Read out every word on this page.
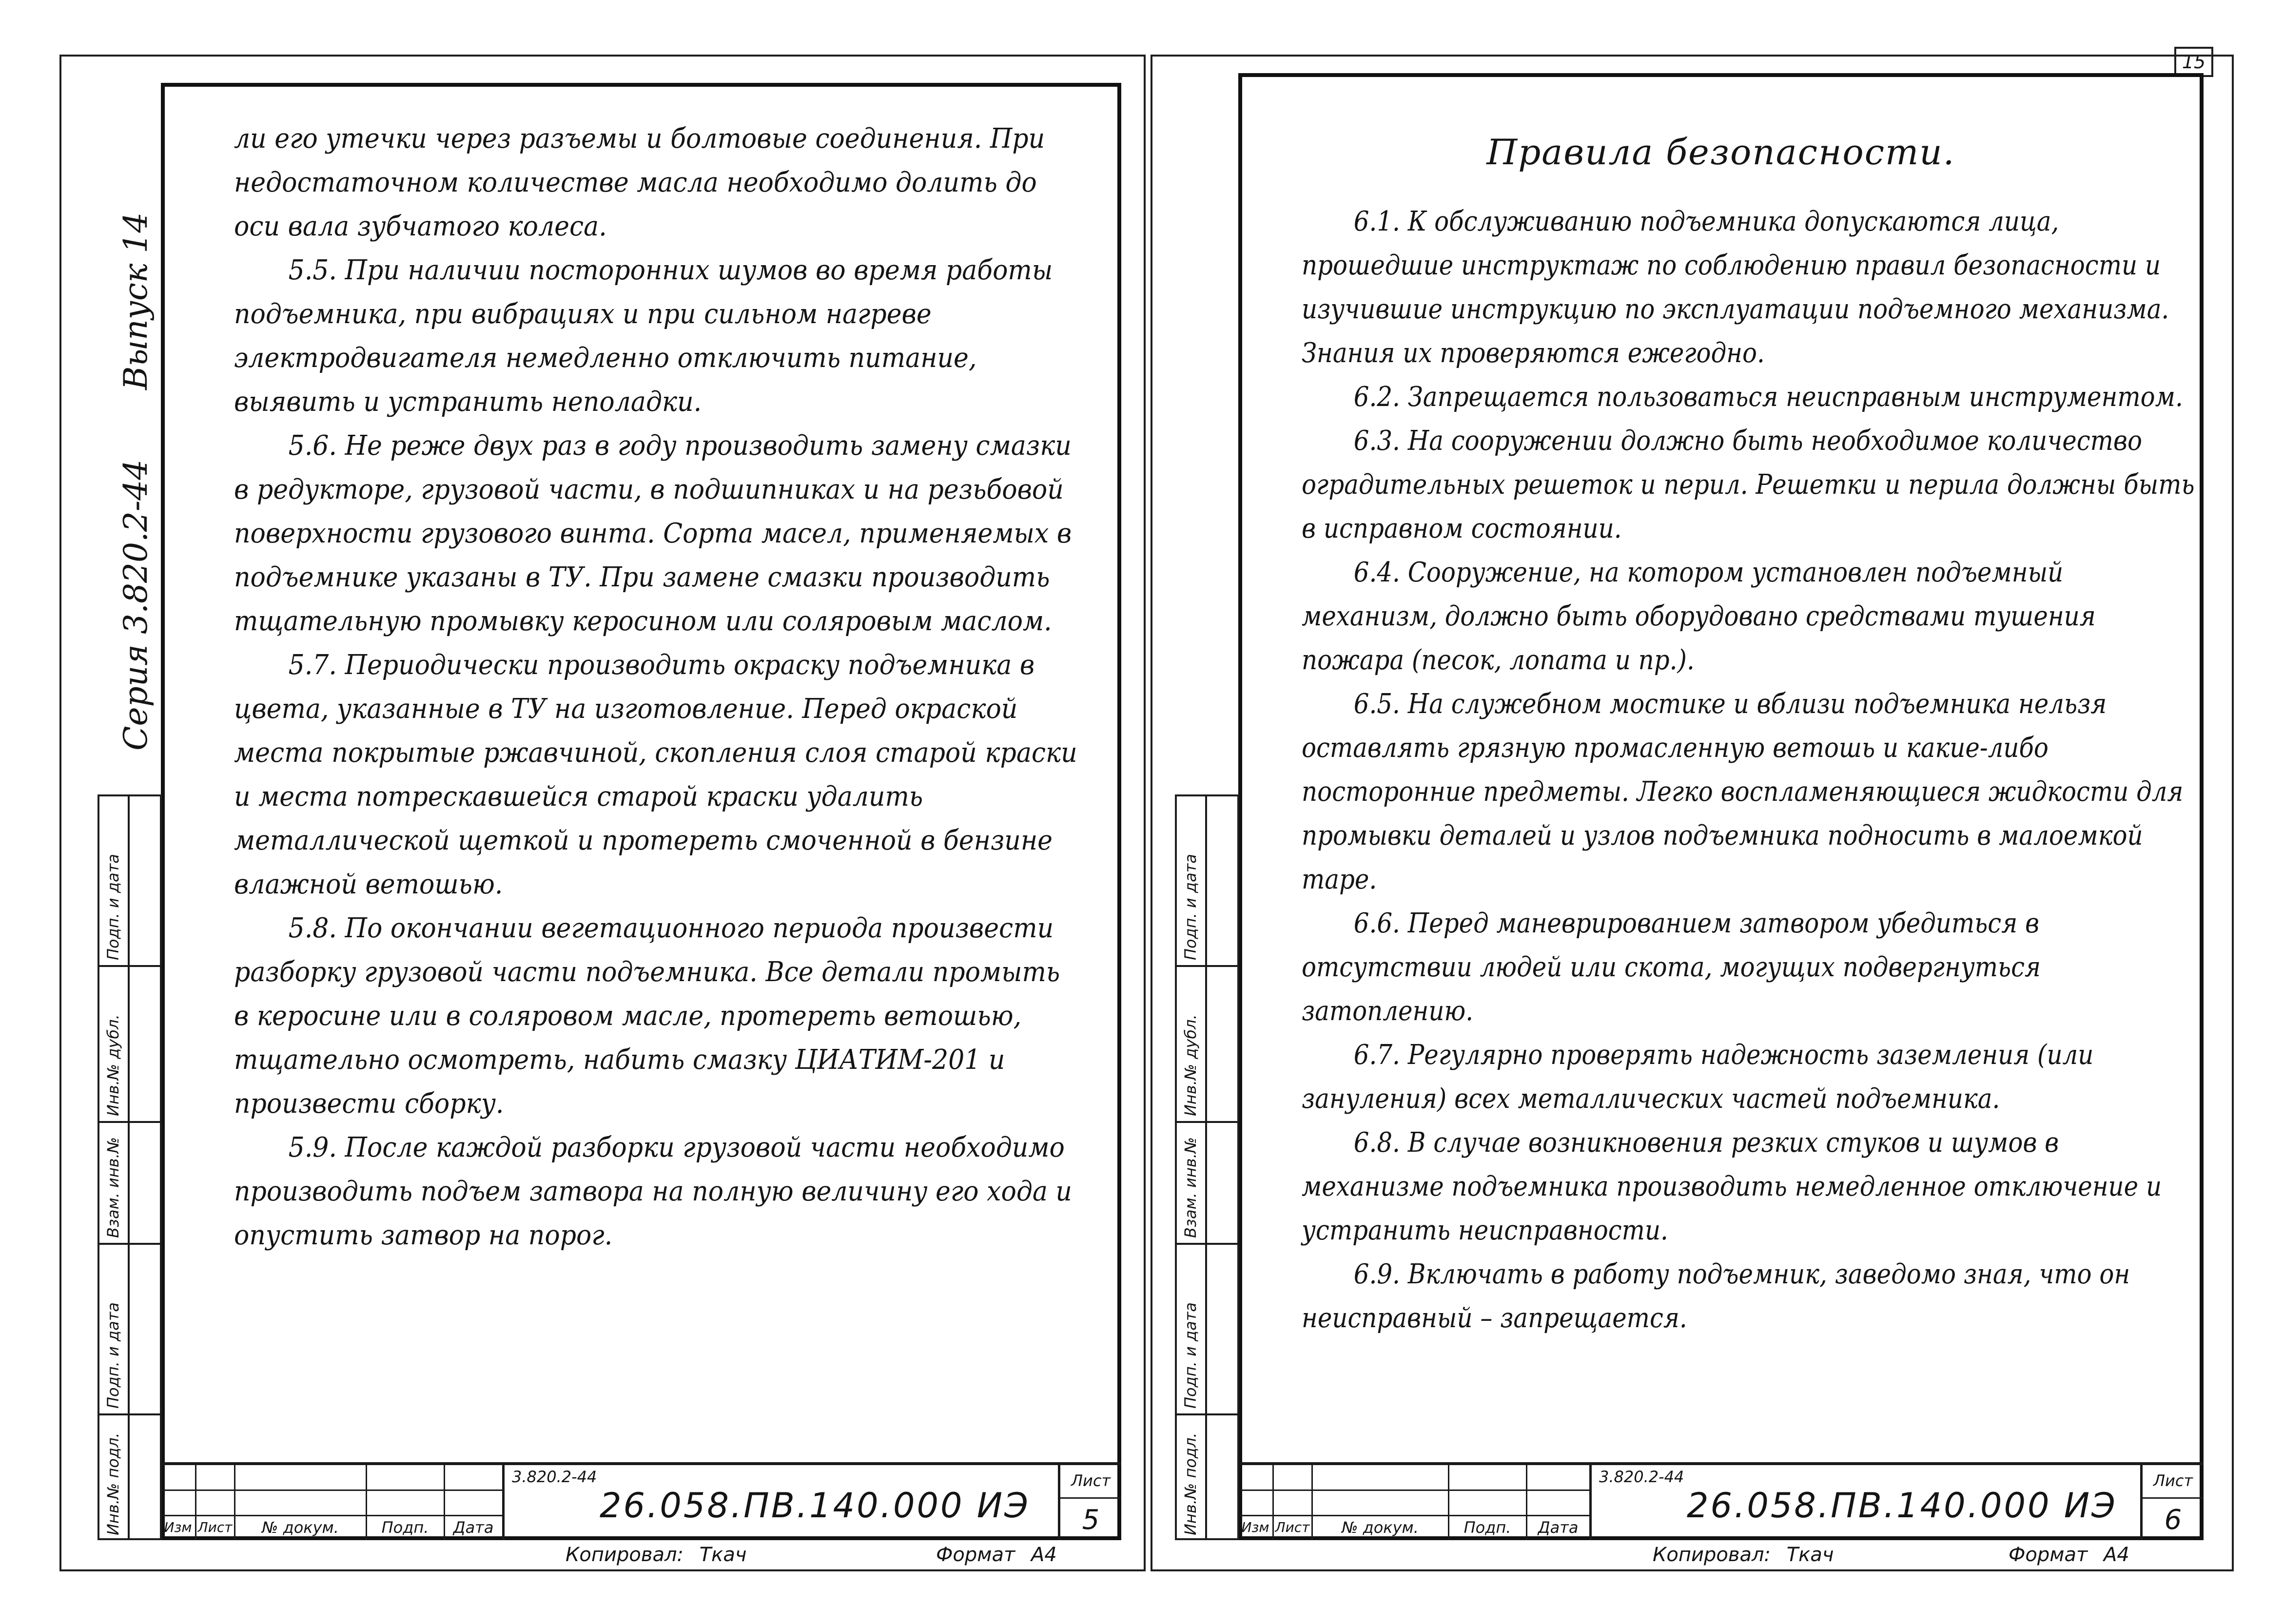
15
Серия 3.820.2-44
Выпуск 14
Инв.№ подл.
Подп. и дата
Взам. инв.№
Инв.№ дубл.
Подп. и дата

ли его утечки через разъемы и болтовые соединения. При недостаточном количестве масла необходимо долить до оси вала зубчатого колеса.

5.5. При наличии посторонних шумов во время работы подъемника, при вибрациях и при сильном нагреве электродвигателя немедленно отключить питание, выявить и устранить неполадки.

5.6. Не реже двух раз в году производить замену смазки в редукторе, грузовой части, в подшипниках и на резьбовой поверхности грузового винта. Сорта масел, применяемых в подъемнике указаны в ТУ. При замене смазки производить тщательную промывку керосином или соляровым маслом.

5.7. Периодически производить окраску подъемника в цвета, указанные в ТУ на изготовление. Перед окраской места покрытые ржавчиной, скопления слоя старой краски и места потрескавшейся старой краски удалить металлической щеткой и протереть смоченной в бензине влажной ветошью.

5.8. По окончании вегетационного периода произвести разборку грузовой части подъемника. Все детали промыть в керосине или в соляровом масле, протереть ветошью, тщательно осмотреть, набить смазку ЦИАТИМ-201 и произвести сборку.

5.9. После каждой разборки грузовой части необходимо производить подъем затвора на полную величину его хода и опустить затвор на порог.

Изм Лист	№ докум.	Подп.	Дата
3.820.2-44
26.058.ПВ.140.000 ИЭ
Лист
5
Копировал: Ткач	Формат А4
Инв.№ подл.
Подп. и дата
Взам. инв.№
Инв.№ дубл.
Подп. и дата
Правила безопасности.

6.1. К обслуживанию подъемника допускаются лица, прошедшие инструктаж по соблюдению правил безопасности и изучившие инструкцию по эксплуатации подъемного механизма. Знания их проверяются ежегодно.

6.2. Запрещается пользоваться неисправным инструментом.

6.3. На сооружении должно быть необходимое количество оградительных решеток и перил. Решетки и перила должны быть в исправном состоянии.

6.4. Сооружение, на котором установлен подъемный механизм, должно быть оборудовано средствами тушения пожара (песок, лопата и пр.).

6.5. На служебном мостике и вблизи подъемника нельзя оставлять грязную промасленную ветошь и какие-либо посторонние предметы. Легко воспламеняющиеся жидкости для промывки деталей и узлов подъемника подносить в малоемкой таре.

6.6. Перед маневрированием затвором убедиться в отсутствии людей или скота, могущих подвергнуться затоплению.

6.7. Регулярно проверять надежность заземления (или зануления) всех металлических частей подъемника.

6.8. В случае возникновения резких стуков и шумов в механизме подъемника производить немедленное отключение и устранить неисправности.

6.9. Включать в работу подъемник, заведомо зная, что он неисправный – запрещается.

Изм Лист	№ докум.	Подп.	Дата
3.820.2-44
26.058.ПВ.140.000 ИЭ
Лист
6
Копировал: Ткач	Формат А4
